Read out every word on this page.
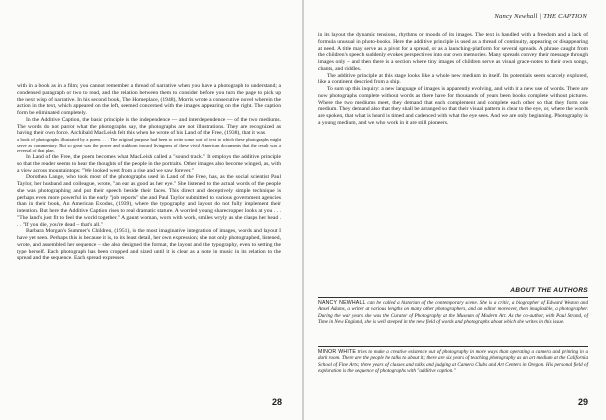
with in a book as in a film; you cannot remember a thread of narrative when you have a photograph to understand; a condensed paragraph or two to read, and the relation between them to consider before you turn the page to pick up the next wisp of narrative. In his second book, The Homeplace, (1948), Morris wrote a consecutive novel wherein the action in the text, which appeared on the left, seemed concerned with the images appearing on the right. The caption form be eliminated completely.

In the Additive Caption, the basic principle is the independence — and interdependence — of the two mediums. The words do not parrot what the photographs say, the photographs are not illustrations. They are recognized as having their own force. Archibald MacLeish felt this when he wrote of his Land of the Free, (1938), that it was

a book of photographs illustrated by a poem. . . . The original purpose had been to write some sort of text to which these photographs might serve as commentary. But so great was the power and stubborn inward livingness of these vivid American documents that the result was a reversal of that plan.

In Land of the Free, the poem becomes what MacLeish called a "sound track." It employs the additive principle so that the reader seems to hear the thoughts of the people in the portraits. Other images also become winged, as, with a view across mountaintops: "We looked west from a rise and we saw forever."

Dorothea Lange, who took most of the photographs used in Land of the Free, has, as the social scientist Paul Taylor, her husband and colleague, wrote, "an ear as good as her eye." She listened to the actual words of the people she was photographing and put their speech beside their faces. This direct and deceptively simple technique is perhaps even more powerful in the early "job reports" she and Paul Taylor submitted to various government agencies than in their book, An American Exodus, (1939), where the typography and layout do not fully implement their intention. But here the Additive Caption rises to real dramatic stature. A worried young sharecropper looks at you . . . "The land's just fit to feel the world together." A gaunt woman, worn with work, smiles wryly as she clasps her head . . . "If you die, you're dead – that's all."

Barbara Morgan's Summer's Children, (1951), is the most imaginative integration of images, words and layout I have yet seen. Perhaps this is because it is, to its least detail, her own expression; she not only photographed, listened, wrote, and assembled her sequence – she also designed the format, the layout and the typography, even to setting the type herself. Each photograph has been cropped and sized until it is clear as a note in music in its relation to the spread and the sequence. Each spread expresses

28
Nancy Newhall | THE CAPTION

in its layout the dynamic tensions, rhythms or moods of its images. The text is handled with a freedom and a lack of formula unusual in photo-books. Here the additive principle is used as a thread of continuity, appearing or disappearing at need. A title may serve as a pivot for a spread, or as a launching-platform for several spreads. A phrase caught from the children's speech suddenly evokes perspectives into our own memories. Many spreads convey their message through images only – and then there is a section where tiny images of children serve as visual grace-notes to their own songs, chants, and riddles.

The additive principle at this stage looks like a whole new medium in itself. Its potentials seem scarcely explored, like a continent descried from a ship.

To sum up this inquiry: a new language of images is apparently evolving, and with it a new use of words. There are now photographs complete without words as there have for thousands of years been books complete without pictures. Where the two mediums meet, they demand that each complement and complete each other so that they form one medium. They demand also that they shall be arranged so that their visual pattern is clear to the eye, or, where the words are spoken, that what is heard is timed and cadenced with what the eye sees. And we are only beginning. Photography is a young medium, and we who work in it are still pioneers.

ABOUT THE AUTHORS
NANCY NEWHALL can be called a historian of the contemporary scene. She is a critic, a biographer of Edward Weston and Ansel Adams, a writer at various lengths on many other photographers, and an editor moreover, then imaginable, a photographer. During the war years she was the Curator of Photography at the Museum of Modern Art. As the co-author, with Paul Strand, of Time in New England, she is well steeped in the new field of words and photographs about which she writes in this issue.
MINOR WHITE tries to make a creative existence out of photography in more ways than operating a camera and printing in a dark room. There are the people he talks to about it; there are six years of teaching photography as an art medium at the California School of Fine Arts; three years of classes and talks and judging at Camera Clubs and Art Centers in Oregon. His personal field of exploration is the sequence of photographs with "additive caption."
29
